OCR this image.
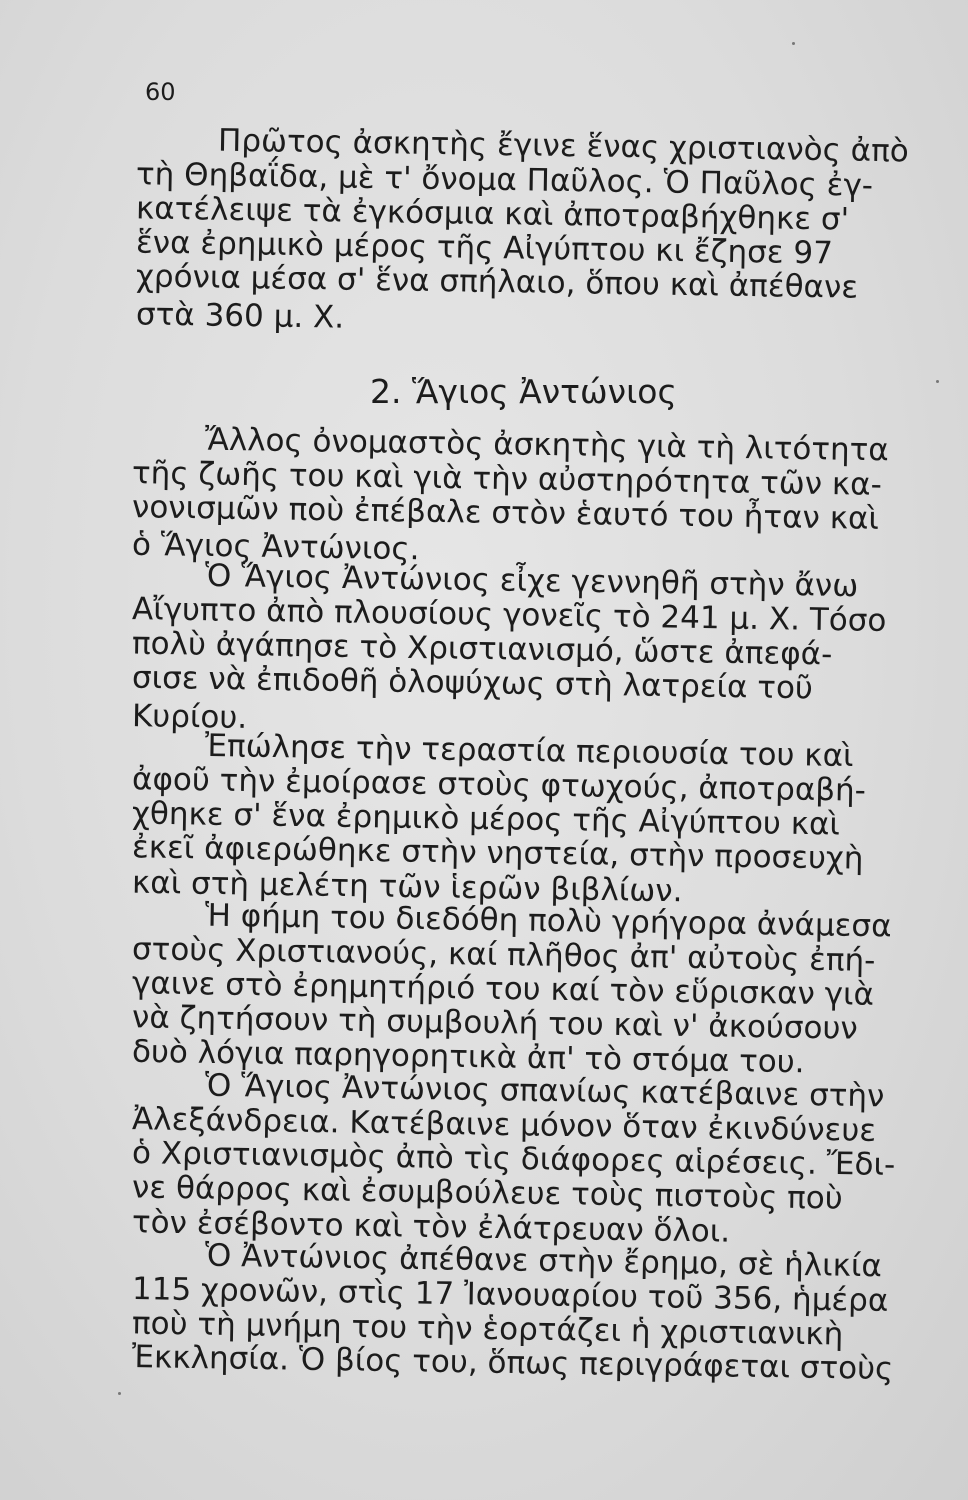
60
Πρῶτος ἀσκητὴς ἔγινε ἕνας χριστιανὸς ἀπὸ
τὴ Θηβαΐδα, μὲ τ' ὄνομα Παῦλος. Ὁ Παῦλος ἐγ-
κατέλειψε τὰ ἐγκόσμια καὶ ἀποτραβήχθηκε σ'
ἕνα ἐρημικὸ μέρος τῆς Αἰγύπτου κι ἔζησε 97
χρόνια μέσα σ' ἕνα σπήλαιο, ὅπου καὶ ἀπέθανε
στὰ 360 μ. Χ.
2. Ἅγιος Ἀντώνιος
Ἄλλος ὀνομαστὸς ἀσκητὴς γιὰ τὴ λιτότητα
τῆς ζωῆς του καὶ γιὰ τὴν αὐστηρότητα τῶν κα-
νονισμῶν ποὺ ἐπέβαλε στὸν ἑαυτό του ἦταν καὶ
ὁ Ἅγιος Ἀντώνιος.
Ὁ Ἅγιος Ἀντώνιος εἶχε γεννηθῆ στὴν ἄνω
Αἴγυπτο ἀπὸ πλουσίους γονεῖς τὸ 241 μ. Χ. Τόσο
πολὺ ἀγάπησε τὸ Χριστιανισμό, ὥστε ἀπεφά-
σισε νὰ ἐπιδοθῆ ὁλοψύχως στὴ λατρεία τοῦ
Κυρίου.
Ἐπώλησε τὴν τεραστία περιουσία του καὶ
ἀφοῦ τὴν ἐμοίρασε στοὺς φτωχούς, ἀποτραβή-
χθηκε σ' ἕνα ἐρημικὸ μέρος τῆς Αἰγύπτου καὶ
ἐκεῖ ἀφιερώθηκε στὴν νηστεία, στὴν προσευχὴ
καὶ στὴ μελέτη τῶν ἱερῶν βιβλίων.
Ἡ φήμη του διεδόθη πολὺ γρήγορα ἀνάμεσα
στοὺς Χριστιανούς, καί πλῆθος ἀπ' αὐτοὺς ἐπή-
γαινε στὸ ἐρημητήριό του καί τὸν εὕρισκαν γιὰ
νὰ ζητήσουν τὴ συμβουλή του καὶ ν' ἀκούσουν
δυὸ λόγια παρηγορητικὰ ἀπ' τὸ στόμα του.
Ὁ Ἅγιος Ἀντώνιος σπανίως κατέβαινε στὴν
Ἀλεξάνδρεια. Κατέβαινε μόνον ὅταν ἐκινδύνευε
ὁ Χριστιανισμὸς ἀπὸ τὶς διάφορες αἱρέσεις. Ἔδι-
νε θάρρος καὶ ἐσυμβούλευε τοὺς πιστοὺς ποὺ
τὸν ἐσέβοντο καὶ τὸν ἐλάτρευαν ὅλοι.
Ὁ Ἀντώνιος ἀπέθανε στὴν ἔρημο, σὲ ἡλικία
115 χρονῶν, στὶς 17 Ἰανουαρίου τοῦ 356, ἡμέρα
ποὺ τὴ μνήμη του τὴν ἑορτάζει ἡ χριστιανικὴ
Ἐκκλησία. Ὁ βίος του, ὅπως περιγράφεται στοὺς
